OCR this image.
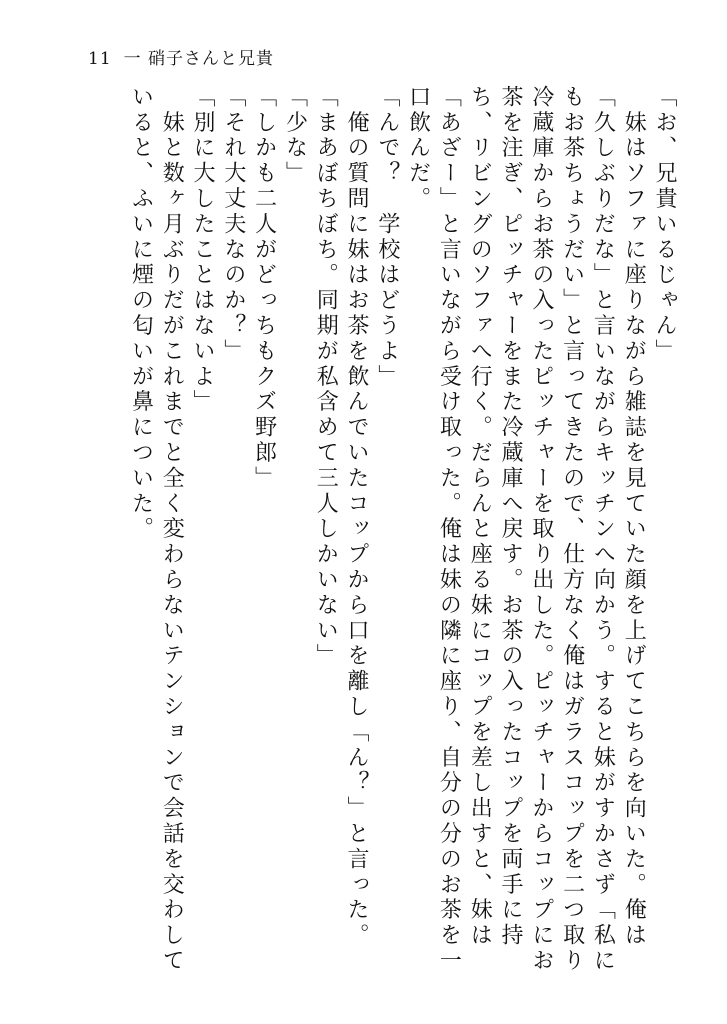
11 一 硝子さんと兄貴

「お、兄貴いるじゃん」

　妹はソファに座りながら雑誌を見ていた顔を上げてこちらを向いた。俺は「久しぶりだな」と言いながらキッチンへ向かう。すると妹がすかさず「私にもお茶ちょうだい」と言ってきたので、仕方なく俺はガラスコップを二つ取り冷蔵庫からお茶の入ったピッチャーを取り出した。ピッチャーからコップにお茶を注ぎ、ピッチャーをまた冷蔵庫へ戻す。お茶の入ったコップを両手に持ち、リビングのソファへ行く。だらんと座る妹にコップを差し出すと、妹は「あざー」と言いながら受け取った。俺は妹の隣に座り、自分の分のお茶を一口飲んだ。

「んで？　学校はどうよ」

　俺の質問に妹はお茶を飲んでいたコップから口を離し「ん？」と言った。

「まあぼちぼち。同期が私含めて三人しかいない」

「少な」

「しかも二人がどっちもクズ野郎」

「それ大丈夫なのか？」

「別に大したことはないよ」

　妹と数ヶ月ぶりだがこれまでと全く変わらないテンションで会話を交わしていると、ふいに煙の匂いが鼻についた。
